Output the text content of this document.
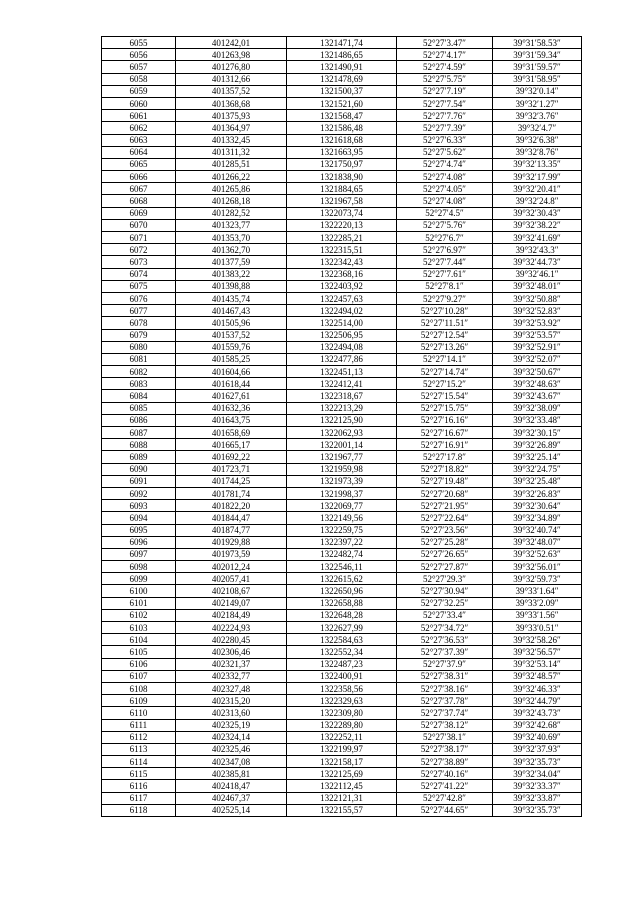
6055	401242,01	1321471,74	52°27′3.47″	39°31′58.53″
6056	401263,98	1321486,65	52°27′4.17″	39°31′59.34″
6057	401276,80	1321490,91	52°27′4.59″	39°31′59.57″
6058	401312,66	1321478,69	52°27′5.75″	39°31′58.95″
6059	401357,52	1321500,37	52°27′7.19″	39°32′0.14″
6060	401368,68	1321521,60	52°27′7.54″	39°32′1.27″
6061	401375,93	1321568,47	52°27′7.76″	39°32′3.76″
6062	401364,97	1321586,48	52°27′7.39″	39°32′4.7″
6063	401332,45	1321618,68	52°27′6.33″	39°32′6.38″
6064	401311,32	1321663,95	52°27′5.62″	39°32′8.76″
6065	401285,51	1321750,97	52°27′4.74″	39°32′13.35″
6066	401266,22	1321838,90	52°27′4.08″	39°32′17.99″
6067	401265,86	1321884,65	52°27′4.05″	39°32′20.41″
6068	401268,18	1321967,58	52°27′4.08″	39°32′24.8″
6069	401282,52	1322073,74	52°27′4.5″	39°32′30.43″
6070	401323,77	1322220,13	52°27′5.76″	39°32′38.22″
6071	401353,70	1322285,21	52°27′6.7″	39°32′41.69″
6072	401362,70	1322315,51	52°27′6.97″	39°32′43.3″
6073	401377,59	1322342,43	52°27′7.44″	39°32′44.73″
6074	401383,22	1322368,16	52°27′7.61″	39°32′46.1″
6075	401398,88	1322403,92	52°27′8.1″	39°32′48.01″
6076	401435,74	1322457,63	52°27′9.27″	39°32′50.88″
6077	401467,43	1322494,02	52°27′10.28″	39°32′52.83″
6078	401505,96	1322514,00	52°27′11.51″	39°32′53.92″
6079	401537,52	1322506,95	52°27′12.54″	39°32′53.57″
6080	401559,76	1322494,08	52°27′13.26″	39°32′52.91″
6081	401585,25	1322477,86	52°27′14.1″	39°32′52.07″
6082	401604,66	1322451,13	52°27′14.74″	39°32′50.67″
6083	401618,44	1322412,41	52°27′15.2″	39°32′48.63″
6084	401627,61	1322318,67	52°27′15.54″	39°32′43.67″
6085	401632,36	1322213,29	52°27′15.75″	39°32′38.09″
6086	401643,75	1322125,90	52°27′16.16″	39°32′33.48″
6087	401658,69	1322062,93	52°27′16.67″	39°32′30.15″
6088	401665,17	1322001,14	52°27′16.91″	39°32′26.89″
6089	401692,22	1321967,77	52°27′17.8″	39°32′25.14″
6090	401723,71	1321959,98	52°27′18.82″	39°32′24.75″
6091	401744,25	1321973,39	52°27′19.48″	39°32′25.48″
6092	401781,74	1321998,37	52°27′20.68″	39°32′26.83″
6093	401822,20	1322069,77	52°27′21.95″	39°32′30.64″
6094	401844,47	1322149,56	52°27′22.64″	39°32′34.89″
6095	401874,77	1322259,75	52°27′23.56″	39°32′40.74″
6096	401929,88	1322397,22	52°27′25.28″	39°32′48.07″
6097	401973,59	1322482,74	52°27′26.65″	39°32′52.63″
6098	402012,24	1322546,11	52°27′27.87″	39°32′56.01″
6099	402057,41	1322615,62	52°27′29.3″	39°32′59.73″
6100	402108,67	1322650,96	52°27′30.94″	39°33′1.64″
6101	402149,07	1322658,88	52°27′32.25″	39°33′2.09″
6102	402184,49	1322648,28	52°27′33.4″	39°33′1.56″
6103	402224,93	1322627,99	52°27′34.72″	39°33′0.51″
6104	402280,45	1322584,63	52°27′36.53″	39°32′58.26″
6105	402306,46	1322552,34	52°27′37.39″	39°32′56.57″
6106	402321,37	1322487,23	52°27′37.9″	39°32′53.14″
6107	402332,77	1322400,91	52°27′38.31″	39°32′48.57″
6108	402327,48	1322358,56	52°27′38.16″	39°32′46.33″
6109	402315,20	1322329,63	52°27′37.78″	39°32′44.79″
6110	402313,60	1322309,80	52°27′37.74″	39°32′43.73″
6111	402325,19	1322289,80	52°27′38.12″	39°32′42.68″
6112	402324,14	1322252,11	52°27′38.1″	39°32′40.69″
6113	402325,46	1322199,97	52°27′38.17″	39°32′37.93″
6114	402347,08	1322158,17	52°27′38.89″	39°32′35.73″
6115	402385,81	1322125,69	52°27′40.16″	39°32′34.04″
6116	402418,47	1322112,45	52°27′41.22″	39°32′33.37″
6117	402467,37	1322121,31	52°27′42.8″	39°32′33.87″
6118	402525,14	1322155,57	52°27′44.65″	39°32′35.73″
